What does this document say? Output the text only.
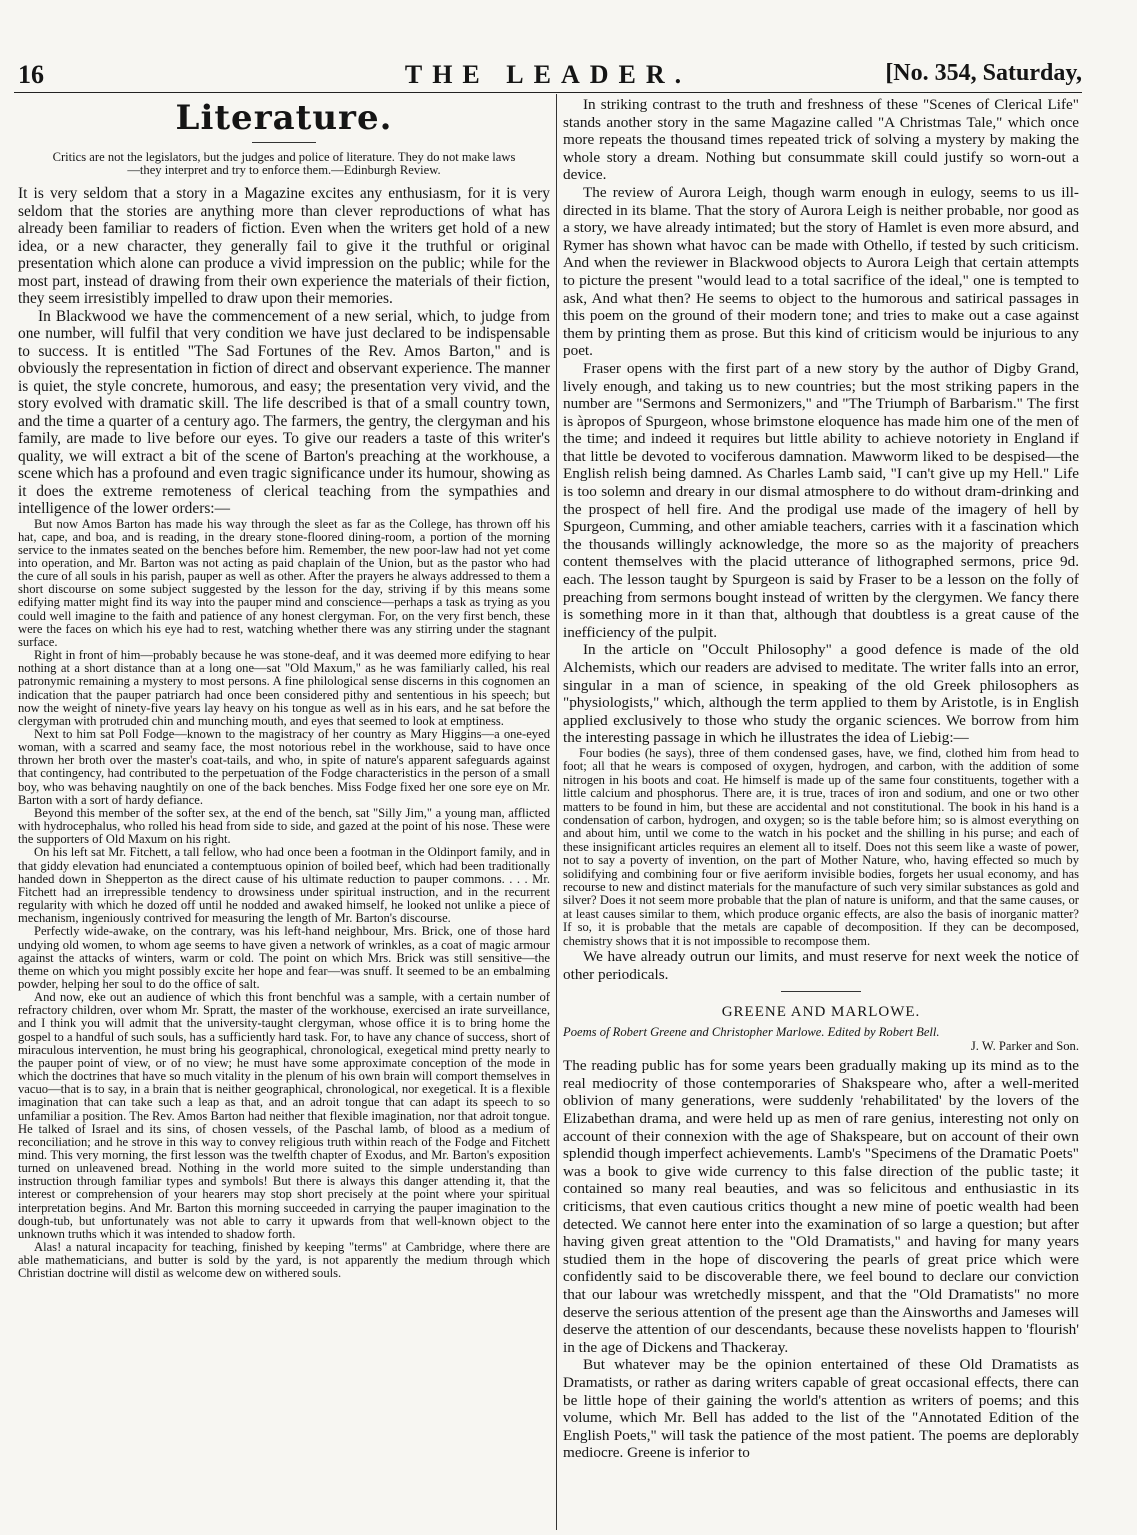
16	THE LEADER.	[No. 354, Saturday,
Literature.
Critics are not the legislators, but the judges and police of literature. They do not make laws—they interpret and try to enforce them.—Edinburgh Review.

It is very seldom that a story in a Magazine excites any enthusiasm, for it is very seldom that the stories are anything more than clever reproductions of what has already been familiar to readers of fiction. Even when the writers get hold of a new idea, or a new character, they generally fail to give it the truthful or original presentation which alone can produce a vivid impression on the public; while for the most part, instead of drawing from their own experience the materials of their fiction, they seem irresistibly impelled to draw upon their memories.

In Blackwood we have the commencement of a new serial, which, to judge from one number, will fulfil that very condition we have just declared to be indispensable to success. It is entitled "The Sad Fortunes of the Rev. Amos Barton," and is obviously the representation in fiction of direct and observant experience. The manner is quiet, the style concrete, humorous, and easy; the presentation very vivid, and the story evolved with dramatic skill. The life described is that of a small country town, and the time a quarter of a century ago. The farmers, the gentry, the clergyman and his family, are made to live before our eyes. To give our readers a taste of this writer's quality, we will extract a bit of the scene of Barton's preaching at the workhouse, a scene which has a profound and even tragic significance under its humour, showing as it does the extreme remoteness of clerical teaching from the sympathies and intelligence of the lower orders:—

But now Amos Barton has made his way through the sleet as far as the College, has thrown off his hat, cape, and boa, and is reading, in the dreary stone-floored dining-room, a portion of the morning service to the inmates seated on the benches before him. Remember, the new poor-law had not yet come into operation, and Mr. Barton was not acting as paid chaplain of the Union, but as the pastor who had the cure of all souls in his parish, pauper as well as other. After the prayers he always addressed to them a short discourse on some subject suggested by the lesson for the day, striving if by this means some edifying matter might find its way into the pauper mind and conscience—perhaps a task as trying as you could well imagine to the faith and patience of any honest clergyman. For, on the very first bench, these were the faces on which his eye had to rest, watching whether there was any stirring under the stagnant surface.

Right in front of him—probably because he was stone-deaf, and it was deemed more edifying to hear nothing at a short distance than at a long one—sat "Old Maxum," as he was familiarly called, his real patronymic remaining a mystery to most persons. A fine philological sense discerns in this cognomen an indication that the pauper patriarch had once been considered pithy and sententious in his speech; but now the weight of ninety-five years lay heavy on his tongue as well as in his ears, and he sat before the clergyman with protruded chin and munching mouth, and eyes that seemed to look at emptiness.

Next to him sat Poll Fodge—known to the magistracy of her country as Mary Higgins—a one-eyed woman, with a scarred and seamy face, the most notorious rebel in the workhouse, said to have once thrown her broth over the master's coat-tails, and who, in spite of nature's apparent safeguards against that contingency, had contributed to the perpetuation of the Fodge characteristics in the person of a small boy, who was behaving naughtily on one of the back benches. Miss Fodge fixed her one sore eye on Mr. Barton with a sort of hardy defiance.

Beyond this member of the softer sex, at the end of the bench, sat "Silly Jim," a young man, afflicted with hydrocephalus, who rolled his head from side to side, and gazed at the point of his nose. These were the supporters of Old Maxum on his right.

On his left sat Mr. Fitchett, a tall fellow, who had once been a footman in the Oldinport family, and in that giddy elevation had enunciated a contemptuous opinion of boiled beef, which had been traditionally handed down in Shepperton as the direct cause of his ultimate reduction to pauper commons. . . . Mr. Fitchett had an irrepressible tendency to drowsiness under spiritual instruction, and in the recurrent regularity with which he dozed off until he nodded and awaked himself, he looked not unlike a piece of mechanism, ingeniously contrived for measuring the length of Mr. Barton's discourse.

Perfectly wide-awake, on the contrary, was his left-hand neighbour, Mrs. Brick, one of those hard undying old women, to whom age seems to have given a network of wrinkles, as a coat of magic armour against the attacks of winters, warm or cold. The point on which Mrs. Brick was still sensitive—the theme on which you might possibly excite her hope and fear—was snuff. It seemed to be an embalming powder, helping her soul to do the office of salt.

And now, eke out an audience of which this front benchful was a sample, with a certain number of refractory children, over whom Mr. Spratt, the master of the workhouse, exercised an irate surveillance, and I think you will admit that the university-taught clergyman, whose office it is to bring home the gospel to a handful of such souls, has a sufficiently hard task. For, to have any chance of success, short of miraculous intervention, he must bring his geographical, chronological, exegetical mind pretty nearly to the pauper point of view, or of no view; he must have some approximate conception of the mode in which the doctrines that have so much vitality in the plenum of his own brain will comport themselves in vacuo—that is to say, in a brain that is neither geographical, chronological, nor exegetical. It is a flexible imagination that can take such a leap as that, and an adroit tongue that can adapt its speech to so unfamiliar a position. The Rev. Amos Barton had neither that flexible imagination, nor that adroit tongue. He talked of Israel and its sins, of chosen vessels, of the Paschal lamb, of blood as a medium of reconciliation; and he strove in this way to convey religious truth within reach of the Fodge and Fitchett mind. This very morning, the first lesson was the twelfth chapter of Exodus, and Mr. Barton's exposition turned on unleavened bread. Nothing in the world more suited to the simple understanding than instruction through familiar types and symbols! But there is always this danger attending it, that the interest or comprehension of your hearers may stop short precisely at the point where your spiritual interpretation begins. And Mr. Barton this morning succeeded in carrying the pauper imagination to the dough-tub, but unfortunately was not able to carry it upwards from that well-known object to the unknown truths which it was intended to shadow forth.

Alas! a natural incapacity for teaching, finished by keeping "terms" at Cambridge, where there are able mathematicians, and butter is sold by the yard, is not apparently the medium through which Christian doctrine will distil as welcome dew on withered souls.

In striking contrast to the truth and freshness of these "Scenes of Clerical Life" stands another story in the same Magazine called "A Christmas Tale," which once more repeats the thousand times repeated trick of solving a mystery by making the whole story a dream. Nothing but consummate skill could justify so worn-out a device.

The review of Aurora Leigh, though warm enough in eulogy, seems to us ill-directed in its blame. That the story of Aurora Leigh is neither probable, nor good as a story, we have already intimated; but the story of Hamlet is even more absurd, and Rymer has shown what havoc can be made with Othello, if tested by such criticism. And when the reviewer in Blackwood objects to Aurora Leigh that certain attempts to picture the present "would lead to a total sacrifice of the ideal," one is tempted to ask, And what then? He seems to object to the humorous and satirical passages in this poem on the ground of their modern tone; and tries to make out a case against them by printing them as prose. But this kind of criticism would be injurious to any poet.

Fraser opens with the first part of a new story by the author of Digby Grand, lively enough, and taking us to new countries; but the most striking papers in the number are "Sermons and Sermonizers," and "The Triumph of Barbarism." The first is àpropos of Spurgeon, whose brimstone eloquence has made him one of the men of the time; and indeed it requires but little ability to achieve notoriety in England if that little be devoted to vociferous damnation. Mawworm liked to be despised—the English relish being damned. As Charles Lamb said, "I can't give up my Hell." Life is too solemn and dreary in our dismal atmosphere to do without dram-drinking and the prospect of hell fire. And the prodigal use made of the imagery of hell by Spurgeon, Cumming, and other amiable teachers, carries with it a fascination which the thousands willingly acknowledge, the more so as the majority of preachers content themselves with the placid utterance of lithographed sermons, price 9d. each. The lesson taught by Spurgeon is said by Fraser to be a lesson on the folly of preaching from sermons bought instead of written by the clergymen. We fancy there is something more in it than that, although that doubtless is a great cause of the inefficiency of the pulpit.

In the article on "Occult Philosophy" a good defence is made of the old Alchemists, which our readers are advised to meditate. The writer falls into an error, singular in a man of science, in speaking of the old Greek philosophers as "physiologists," which, although the term applied to them by Aristotle, is in English applied exclusively to those who study the organic sciences. We borrow from him the interesting passage in which he illustrates the idea of Liebig:—

Four bodies (he says), three of them condensed gases, have, we find, clothed him from head to foot; all that he wears is composed of oxygen, hydrogen, and carbon, with the addition of some nitrogen in his boots and coat. He himself is made up of the same four constituents, together with a little calcium and phosphorus. There are, it is true, traces of iron and sodium, and one or two other matters to be found in him, but these are accidental and not constitutional. The book in his hand is a condensation of carbon, hydrogen, and oxygen; so is the table before him; so is almost everything on and about him, until we come to the watch in his pocket and the shilling in his purse; and each of these insignificant articles requires an element all to itself. Does not this seem like a waste of power, not to say a poverty of invention, on the part of Mother Nature, who, having effected so much by solidifying and combining four or five aeriform invisible bodies, forgets her usual economy, and has recourse to new and distinct materials for the manufacture of such very similar substances as gold and silver? Does it not seem more probable that the plan of nature is uniform, and that the same causes, or at least causes similar to them, which produce organic effects, are also the basis of inorganic matter? If so, it is probable that the metals are capable of decomposition. If they can be decomposed, chemistry shows that it is not impossible to recompose them.

We have already outrun our limits, and must reserve for next week the notice of other periodicals.

GREENE AND MARLOWE.

Poems of Robert Greene and Christopher Marlowe. Edited by Robert Bell.

J. W. Parker and Son.

The reading public has for some years been gradually making up its mind as to the real mediocrity of those contemporaries of Shakspeare who, after a well-merited oblivion of many generations, were suddenly 'rehabilitated' by the lovers of the Elizabethan drama, and were held up as men of rare genius, interesting not only on account of their connexion with the age of Shakspeare, but on account of their own splendid though imperfect achievements. Lamb's "Specimens of the Dramatic Poets" was a book to give wide currency to this false direction of the public taste; it contained so many real beauties, and was so felicitous and enthusiastic in its criticisms, that even cautious critics thought a new mine of poetic wealth had been detected. We cannot here enter into the examination of so large a question; but after having given great attention to the "Old Dramatists," and having for many years studied them in the hope of discovering the pearls of great price which were confidently said to be discoverable there, we feel bound to declare our conviction that our labour was wretchedly misspent, and that the "Old Dramatists" no more deserve the serious attention of the present age than the Ainsworths and Jameses will deserve the attention of our descendants, because these novelists happen to 'flourish' in the age of Dickens and Thackeray.

But whatever may be the opinion entertained of these Old Dramatists as Dramatists, or rather as daring writers capable of great occasional effects, there can be little hope of their gaining the world's attention as writers of poems; and this volume, which Mr. Bell has added to the list of the "Annotated Edition of the English Poets," will task the patience of the most patient. The poems are deplorably mediocre. Greene is inferior to
